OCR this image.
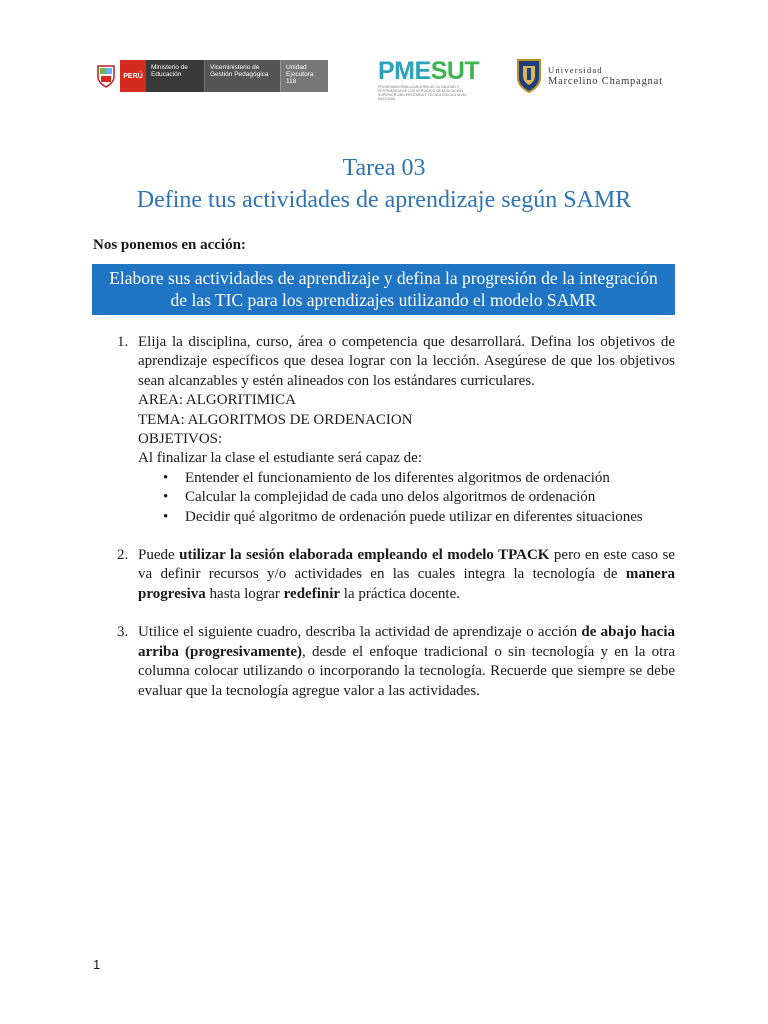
PERÚ
Ministerio de Educación
Viceministerio de Gestión Pedagógica
Unidad Ejecutora 118	PMESUT
PROGRAMA PARA LA MEJORA DE LA CALIDAD Y PERTINENCIA DE LOS SERVICIOS DE EDUCACIÓN SUPERIOR UNIVERSITARIA Y TECNOLÓGICA A NIVEL NACIONAL
Universidad
Marcelino Champagnat
Tarea 03
Define tus actividades de aprendizaje según SAMR
Nos ponemos en acción:
Elabore sus actividades de aprendizaje y defina la progresión de la integración
de las TIC para los aprendizajes utilizando el modelo SAMR
1. Elija la disciplina, curso, área o competencia que desarrollará. Defina los objetivos de aprendizaje específicos que desea lograr con la lección. Asegúrese de que los objetivos sean alcanzables y estén alineados con los estándares curriculares.
AREA: ALGORITIMICA
TEMA: ALGORITMOS DE ORDENACION
OBJETIVOS:
Al finalizar la clase el estudiante será capaz de:
• Entender el funcionamiento de los diferentes algoritmos de ordenación
• Calcular la complejidad de cada uno delos algoritmos de ordenación
• Decidir qué algoritmo de ordenación puede utilizar en diferentes situaciones
2. Puede utilizar la sesión elaborada empleando el modelo TPACK pero en este caso se va definir recursos y/o actividades en las cuales integra la tecnología de manera progresiva hasta lograr redefinir la práctica docente.
3. Utilice el siguiente cuadro, describa la actividad de aprendizaje o acción de abajo hacia arriba (progresivamente), desde el enfoque tradicional o sin tecnología y en la otra columna colocar utilizando o incorporando la tecnología. Recuerde que siempre se debe evaluar que la tecnología agregue valor a las actividades.
1
